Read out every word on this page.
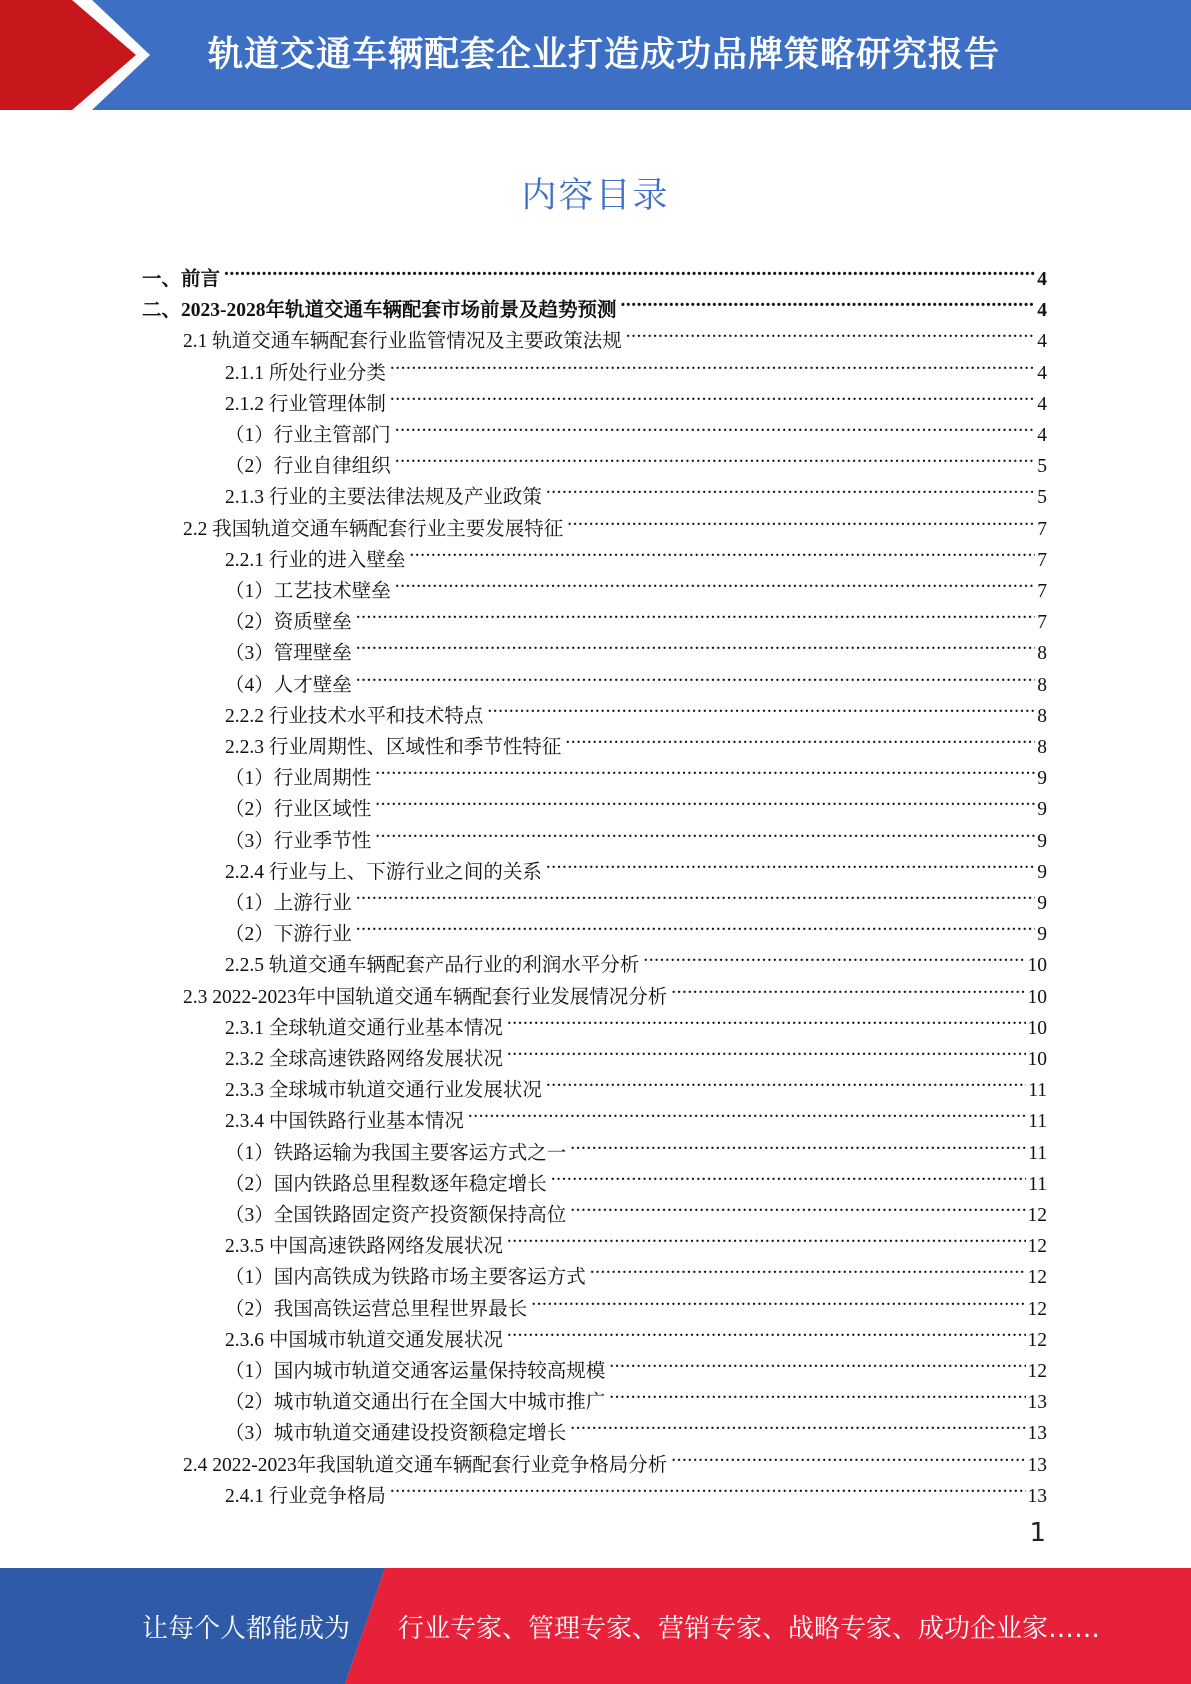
轨道交通车辆配套企业打造成功品牌策略研究报告
内容目录
一、前言 .....	4
二、2023-2028年轨道交通车辆配套市场前景及趋势预测 .....	4
2.1 轨道交通车辆配套行业监管情况及主要政策法规 .....	4
2.1.1 所处行业分类 .....	4
2.1.2 行业管理体制 .....	4
（1）行业主管部门 .....	4
（2）行业自律组织 .....	5
2.1.3 行业的主要法律法规及产业政策 .....	5
2.2 我国轨道交通车辆配套行业主要发展特征 .....	7
2.2.1 行业的进入壁垒 .....	7
（1）工艺技术壁垒 .....	7
（2）资质壁垒 .....	7
（3）管理壁垒 .....	8
（4）人才壁垒 .....	8
2.2.2 行业技术水平和技术特点 .....	8
2.2.3 行业周期性、区域性和季节性特征 .....	8
（1）行业周期性 .....	9
（2）行业区域性 .....	9
（3）行业季节性 .....	9
2.2.4 行业与上、下游行业之间的关系 .....	9
（1）上游行业 .....	9
（2）下游行业 .....	9
2.2.5 轨道交通车辆配套产品行业的利润水平分析 .....	10
2.3 2022-2023年中国轨道交通车辆配套行业发展情况分析 .....	10
2.3.1 全球轨道交通行业基本情况 .....	10
2.3.2 全球高速铁路网络发展状况 .....	10
2.3.3 全球城市轨道交通行业发展状况 .....	11
2.3.4 中国铁路行业基本情况 .....	11
（1）铁路运输为我国主要客运方式之一 .....	11
（2）国内铁路总里程数逐年稳定增长 .....	11
（3）全国铁路固定资产投资额保持高位 .....	12
2.3.5 中国高速铁路网络发展状况 .....	12
（1）国内高铁成为铁路市场主要客运方式 .....	12
（2）我国高铁运营总里程世界最长 .....	12
2.3.6 中国城市轨道交通发展状况 .....	12
（1）国内城市轨道交通客运量保持较高规模 .....	12
（2）城市轨道交通出行在全国大中城市推广 .....	13
（3）城市轨道交通建设投资额稳定增长 .....	13
2.4 2022-2023年我国轨道交通车辆配套行业竞争格局分析 .....	13
2.4.1 行业竞争格局 .....	13
1
让每个人都能成为 行业专家、管理专家、营销专家、战略专家、成功企业家……
